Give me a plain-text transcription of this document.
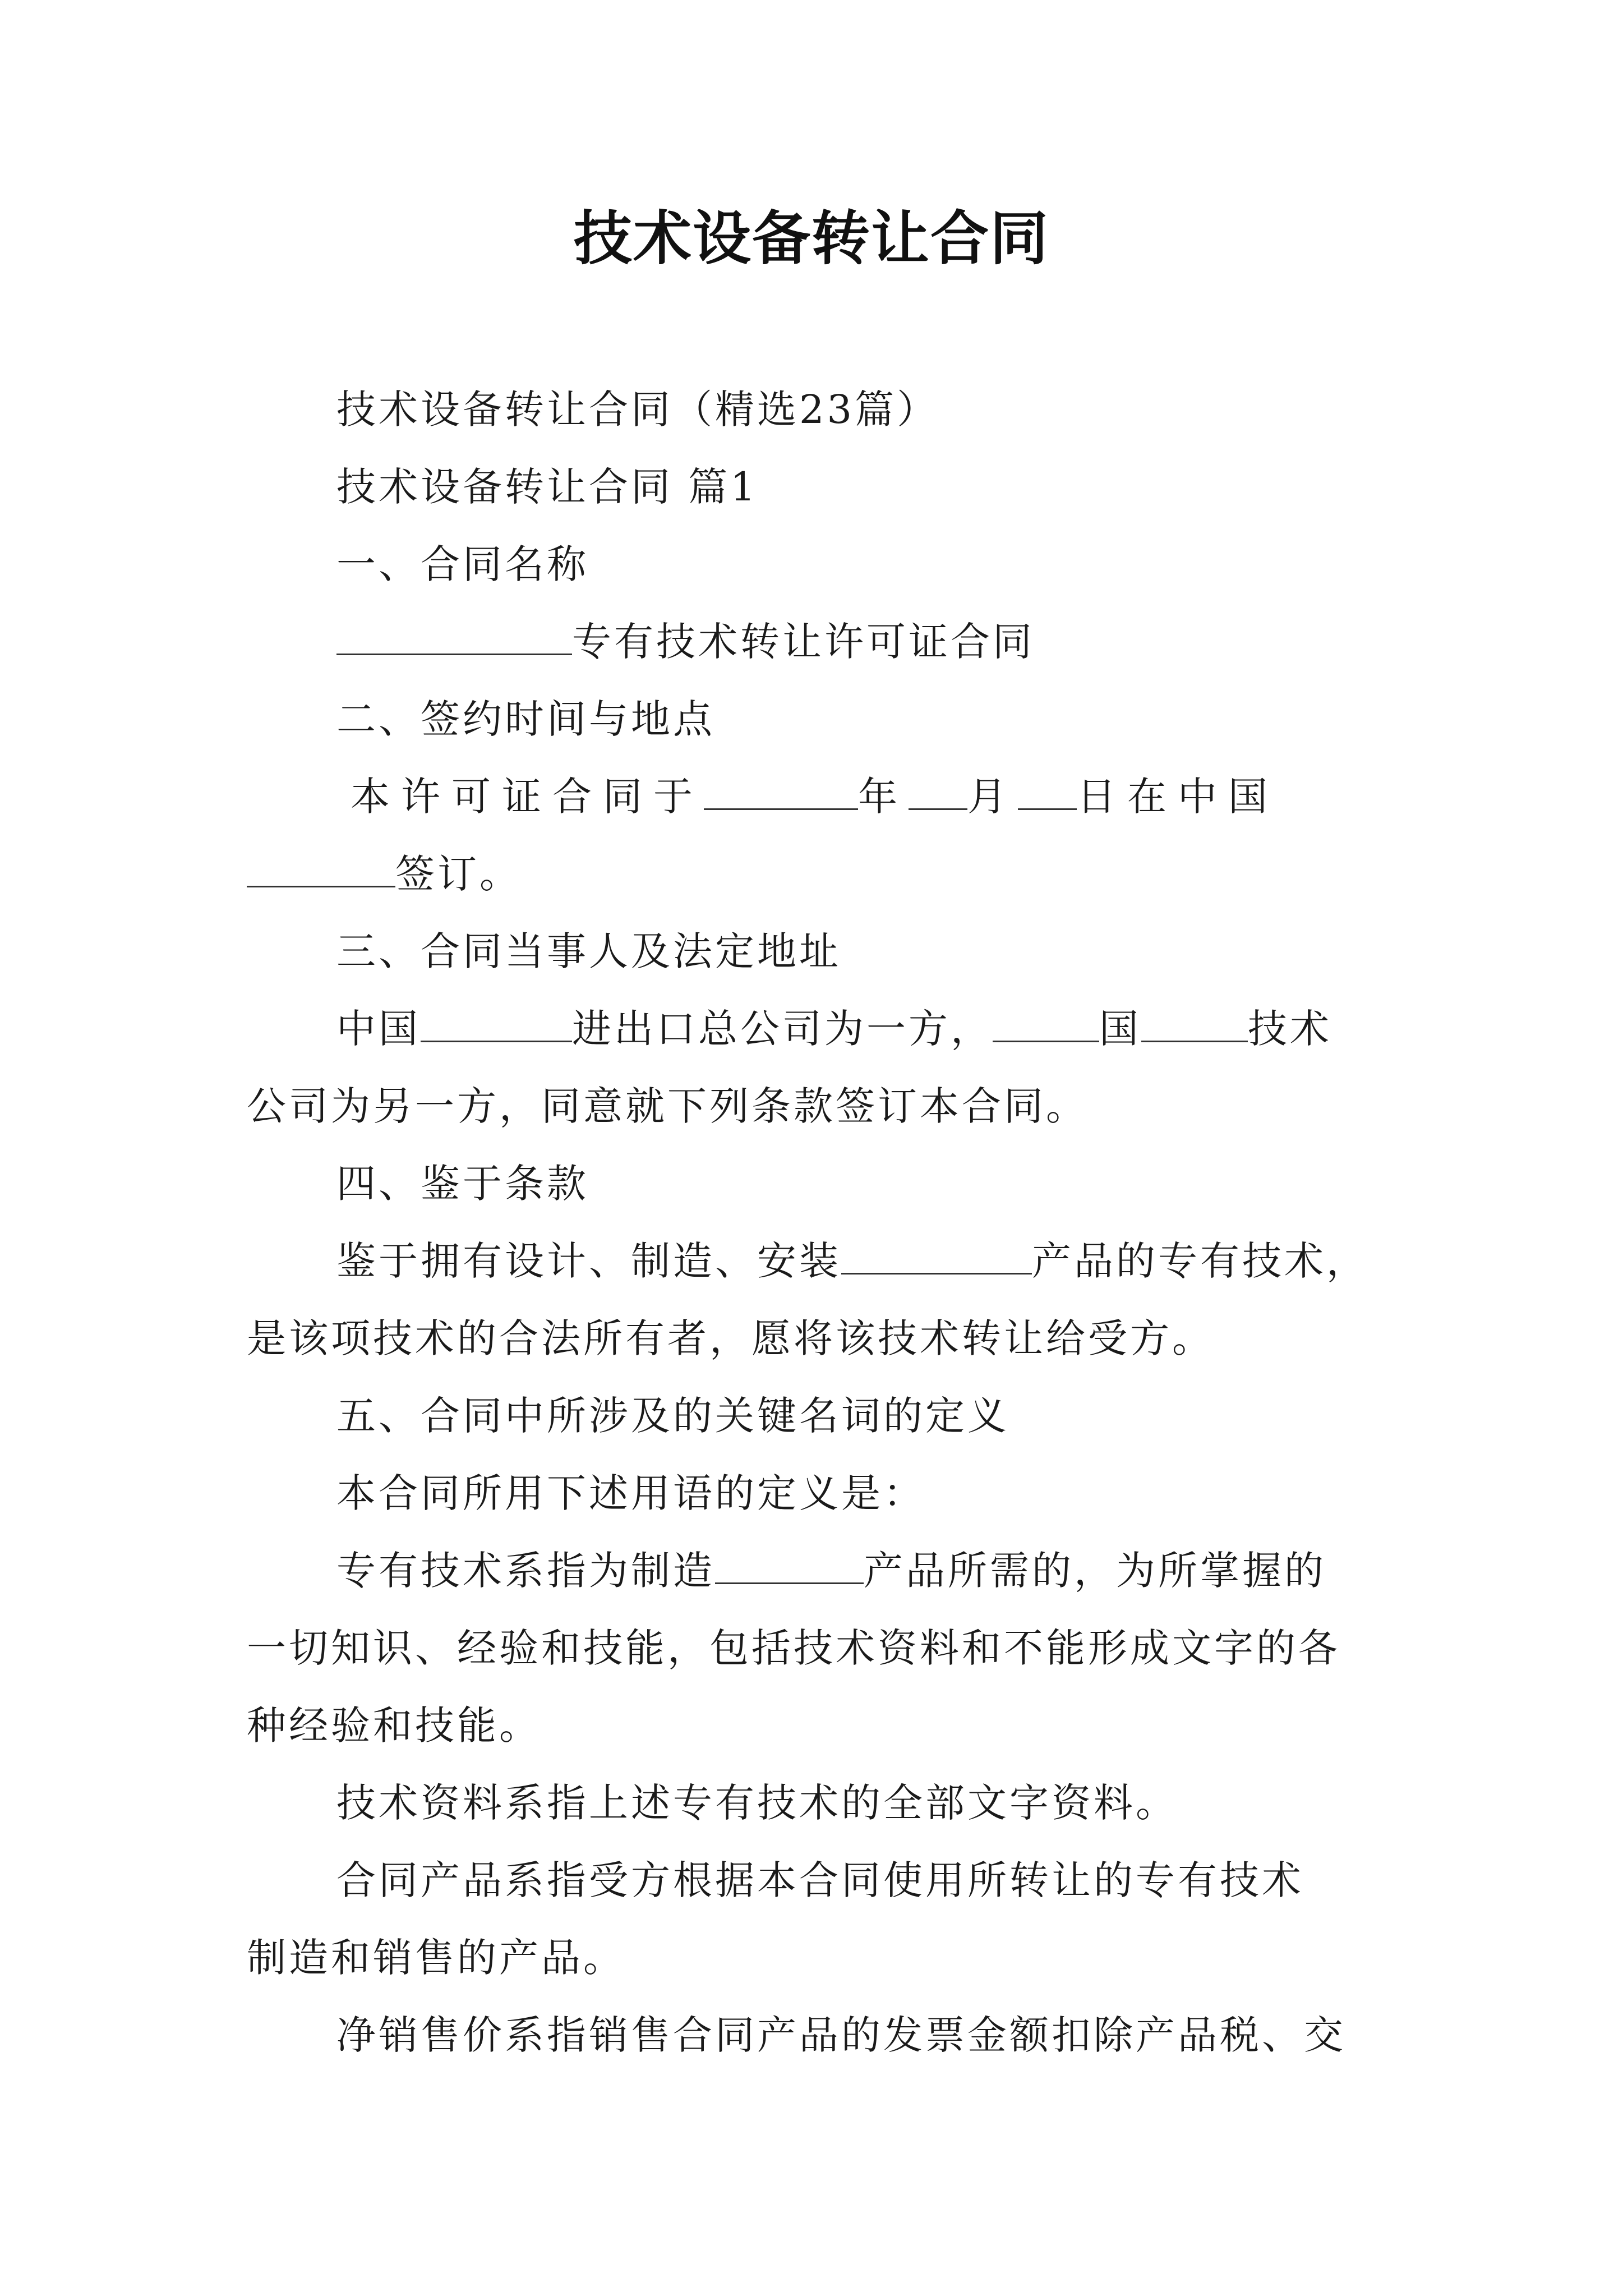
技术设备转让合同
技术设备转让合同（精选23篇）
技术设备转让合同 篇1
一、合同名称
专有技术转让许可证合同
二、签约时间与地点
本许可证合同于	年 月 日在中国
签订。
三、合同当事人及法定地址
中国	进出口总公司为一方，	国	技术
公司为另一方，同意就下列条款签订本合同。
四、鉴于条款
鉴于拥有设计、制造、安装	产品的专有技术，
是该项技术的合法所有者，愿将该技术转让给受方。
五、合同中所涉及的关键名词的定义
本合同所用下述用语的定义是：
专有技术系指为制造	产品所需的，为所掌握的
一切知识、经验和技能，包括技术资料和不能形成文字的各
种经验和技能。
技术资料系指上述专有技术的全部文字资料。
合同产品系指受方根据本合同使用所转让的专有技术
制造和销售的产品。
净销售价系指销售合同产品的发票金额扣除产品税、交
